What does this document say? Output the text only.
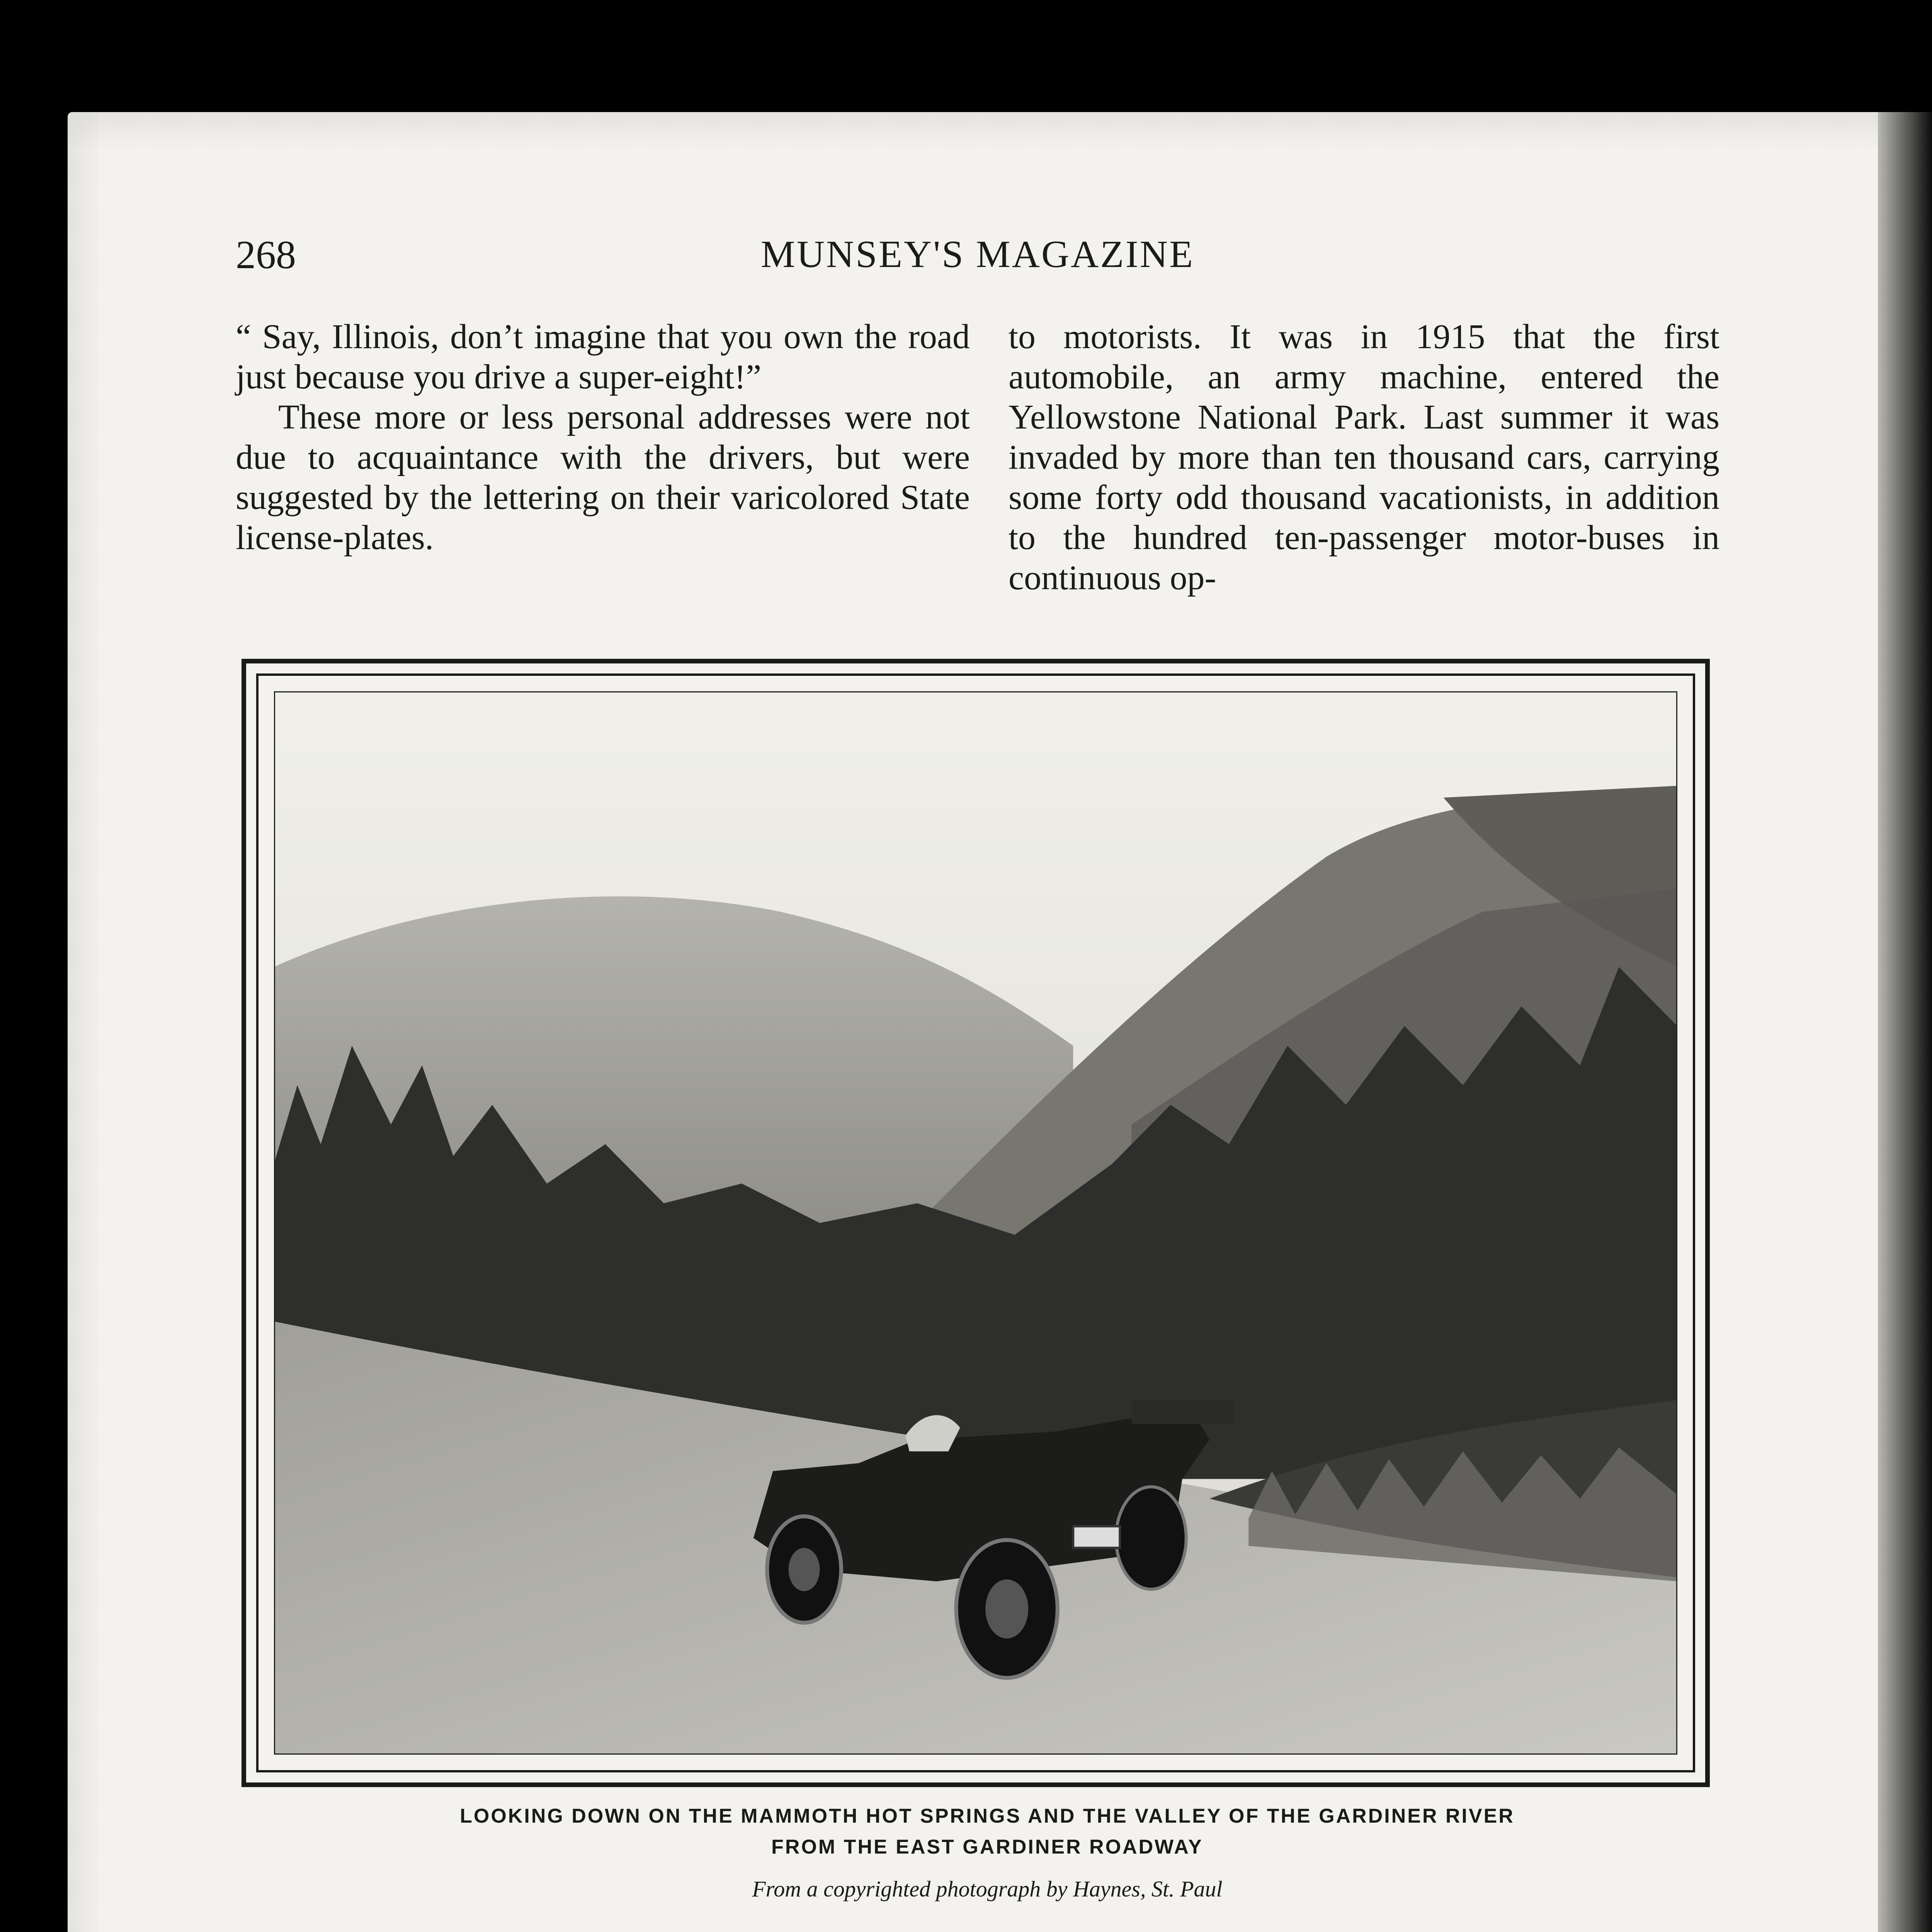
MUNSEY'S MAGAZINE
268

“ Say, Illinois, don’t imagine that you own the road just because you drive a super-eight!”

These more or less personal addresses were not due to acquaintance with the drivers, but were suggested by the lettering on their varicolored State license-plates.

to motorists. It was in 1915 that the first automobile, an army machine, entered the Yellowstone National Park. Last summer it was invaded by more than ten thousand cars, carrying some forty odd thousand vacationists, in addition to the hundred ten-passenger motor-buses in continuous op-

LOOKING DOWN ON THE MAMMOTH HOT SPRINGS AND THE VALLEY OF THE GARDINER RIVER
FROM THE EAST GARDINER ROADWAY
From a copyrighted photograph by Haynes, St. Paul
